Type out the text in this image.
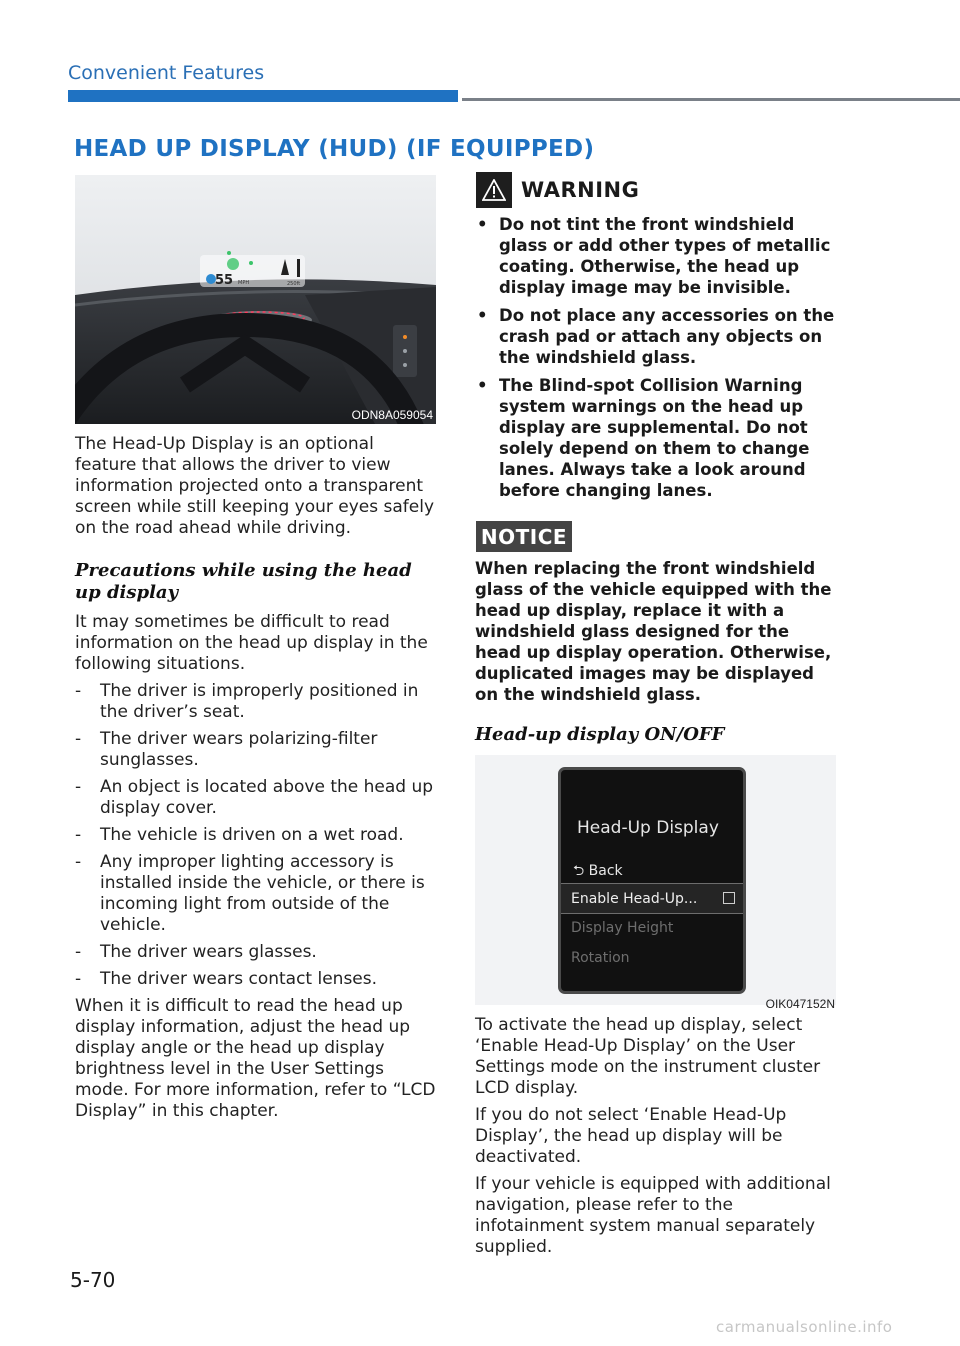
Convenient Features
HEAD UP DISPLAY (HUD) (IF EQUIPPED)
55 MPH	250ft
ODN8A059054

The Head-Up Display is an optional feature that allows the driver to view information projected onto a transparent screen while still keeping your eyes safely on the road ahead while driving.

Precautions while using the head up display

It may sometimes be difficult to read information on the head up display in the following situations.

- The driver is improperly positioned in the driver’s seat.
- The driver wears polarizing-filter sunglasses.
- An object is located above the head up display cover.
- The vehicle is driven on a wet road.
- Any improper lighting accessory is installed inside the vehicle, or there is incoming light from outside of the vehicle.
- The driver wears glasses.
- The driver wears contact lenses.

When it is difficult to read the head up display information, adjust the head up display angle or the head up display brightness level in the User Settings mode. For more information, refer to “LCD Display” in this chapter.

WARNING
• Do not tint the front windshield glass or add other types of metallic coating. Otherwise, the head up display image may be invisible.
• Do not place any accessories on the crash pad or attach any objects on the windshield glass.
• The Blind-spot Collision Warning system warnings on the head up display are supplemental. Do not solely depend on them to change lanes. Always take a look around before changing lanes.
NOTICE

When replacing the front windshield glass of the vehicle equipped with the head up display, replace it with a windshield glass designed for the head up display operation. Otherwise, duplicated images may be displayed on the windshield glass.

Head-up display ON/OFF
Head-Up Display
⮌ Back
Enable Head-Up...
Display Height
Rotation
OIK047152N

To activate the head up display, select ‘Enable Head-Up Display’ on the User Settings mode on the instrument cluster LCD display.

If you do not select ‘Enable Head-Up Display’, the head up display will be deactivated.

If your vehicle is equipped with additional navigation, please refer to the infotainment system manual separately supplied.

5-70
carmanualsonline.info
